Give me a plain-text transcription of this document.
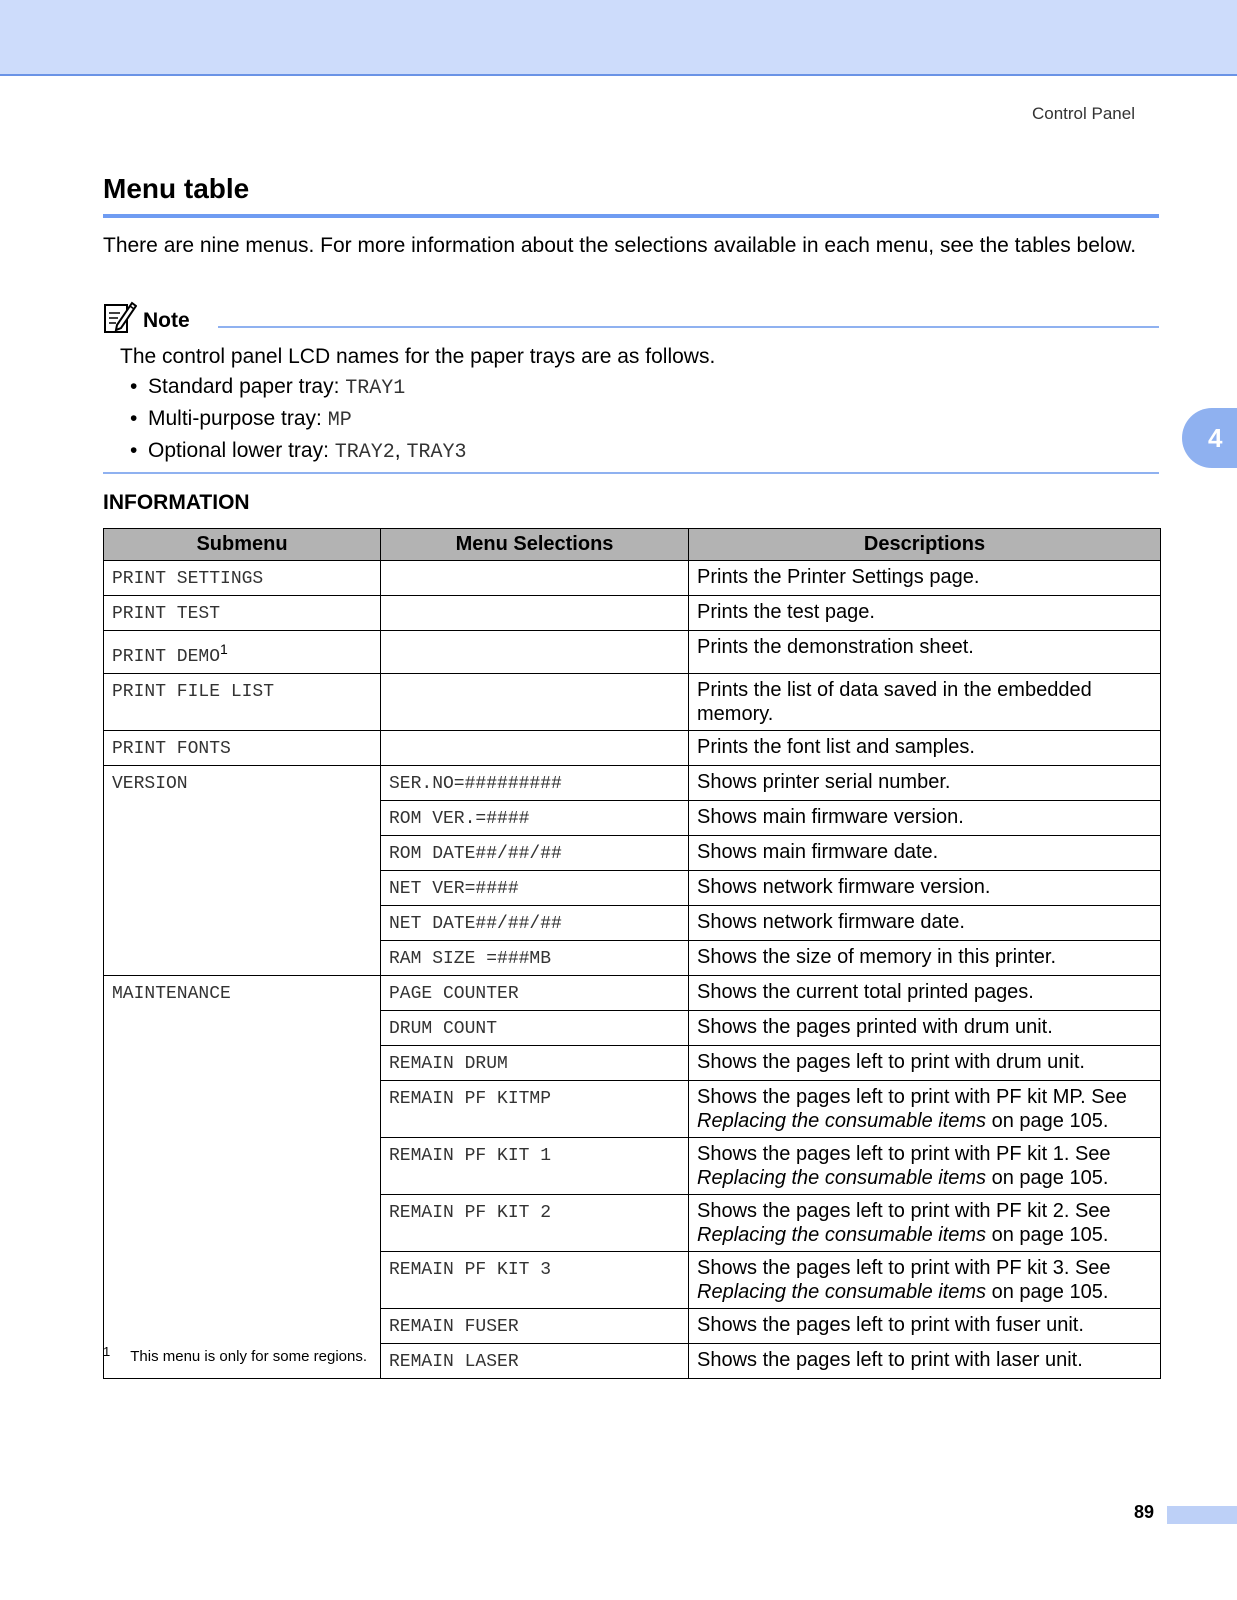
Control Panel
Menu table

There are nine menus. For more information about the selections available in each menu, see the tables below.

Note
The control panel LCD names for the paper trays are as follows.
• Standard paper tray: TRAY1
• Multi-purpose tray: MP
• Optional lower tray: TRAY2, TRAY3	4
INFORMATION
Submenu	Menu Selections	Descriptions
PRINT SETTINGS		Prints the Printer Settings page.
PRINT TEST		Prints the test page.
PRINT DEMO$^1$		Prints the demonstration sheet.
PRINT FILE LIST		Prints the list of data saved in the embedded memory.
PRINT FONTS		Prints the font list and samples.
VERSION	SER.NO=#########	Shows printer serial number.
	ROM VER.=####	Shows main firmware version.
	ROM DATE##/##/##	Shows main firmware date.
	NET VER=####	Shows network firmware version.
	NET DATE##/##/##	Shows network firmware date.
	RAM SIZE =###MB	Shows the size of memory in this printer.
MAINTENANCE	PAGE COUNTER	Shows the current total printed pages.
	DRUM COUNT	Shows the pages printed with drum unit.
	REMAIN DRUM	Shows the pages left to print with drum unit.
	REMAIN PF KITMP	Shows the pages left to print with PF kit MP. See Replacing the consumable items on page 105.
	REMAIN PF KIT 1	Shows the pages left to print with PF kit 1. See Replacing the consumable items on page 105.
	REMAIN PF KIT 2	Shows the pages left to print with PF kit 2. See Replacing the consumable items on page 105.
	REMAIN PF KIT 3	Shows the pages left to print with PF kit 3. See Replacing the consumable items on page 105.
	REMAIN FUSER	Shows the pages left to print with fuser unit.
	REMAIN LASER	Shows the pages left to print with laser unit.
1 This menu is only for some regions.
89
